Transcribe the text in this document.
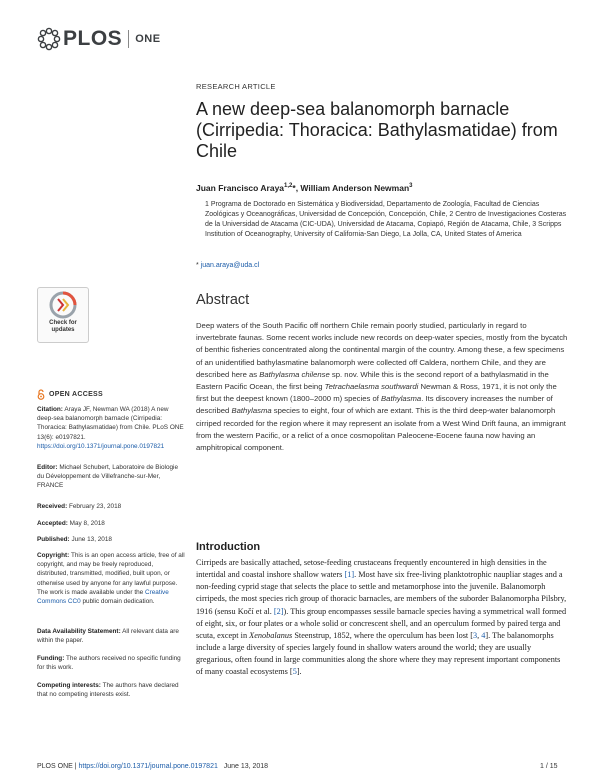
PLOS ONE
RESEARCH ARTICLE
A new deep-sea balanomorph barnacle (Cirripedia: Thoracica: Bathylasmatidae) from Chile
Juan Francisco Araya$^{1,2}$*, William Anderson Newman$^3$
1 Programa de Doctorado en Sistemática y Biodiversidad, Departamento de Zoología, Facultad de Ciencias Zoológicas y Oceanográficas, Universidad de Concepción, Concepción, Chile, 2 Centro de Investigaciones Costeras de la Universidad de Atacama (CIC-UDA), Universidad de Atacama, Copiapó, Región de Atacama, Chile, 3 Scripps Institution of Oceanography, University of California-San Diego, La Jolla, CA, United States of America
* juan.araya@uda.cl
Check for updates
OPEN ACCESS
Citation: Araya JF, Newman WA (2018) A new deep-sea balanomorph barnacle (Cirripedia: Thoracica: Bathylasmatidae) from Chile. PLoS ONE 13(6): e0197821. https://doi.org/10.1371/journal.pone.0197821
Editor: Michael Schubert, Laboratoire de Biologie du Développement de Villefranche-sur-Mer, FRANCE
Received: February 23, 2018
Accepted: May 8, 2018
Published: June 13, 2018
Copyright: This is an open access article, free of all copyright, and may be freely reproduced, distributed, transmitted, modified, built upon, or otherwise used by anyone for any lawful purpose. The work is made available under the Creative Commons CC0 public domain dedication.
Data Availability Statement: All relevant data are within the paper.
Funding: The authors received no specific funding for this work.
Competing interests: The authors have declared that no competing interests exist.
Abstract

Deep waters of the South Pacific off northern Chile remain poorly studied, particularly in regard to invertebrate faunas. Some recent works include new records on deep-water species, mostly from the bycatch of benthic fisheries concentrated along the continental margin of the country. Among these, a few specimens of an unidentified bathylasmatine balanomorph were collected off Caldera, northern Chile, and they are described here as Bathylasma chilense sp. nov. While this is the second report of a bathylasmatid in the Eastern Pacific Ocean, the first being Tetrachaelasma southwardi Newman & Ross, 1971, it is not only the first but the deepest known (1800–2000 m) species of Bathylasma. Its discovery increases the number of described Bathylasma species to eight, four of which are extant. This is the third deep-water balanomorph cirriped recorded for the region where it may represent an isolate from a West Wind Drift fauna, an immigrant from the western Pacific, or a relict of a once cosmopolitan Paleocene-Eocene fauna now having an amphitropical component.

Introduction
Cirripeds are basically attached, setose-feeding crustaceans frequently encountered in high densities in the intertidal and coastal inshore shallow waters [1]. Most have six free-living planktotrophic naupliar stages and a non-feeding cyprid stage that selects the place to settle and metamorphose into the juvenile. Balanomorph cirripeds, the most species rich group of thoracic barnacles, are members of the suborder Balanomorpha Pilsbry, 1916 (sensu Kočí et al. [2]). This group encompasses sessile barnacle species having a symmetrical wall formed of eight, six, or four plates or a whole solid or concrescent shell, and an operculum formed by paired terga and scuta, except in Xenobalanus Steenstrup, 1852, where the operculum has been lost [3, 4]. The balanomorphs include a large diversity of species largely found in shallow waters around the world; they are usually gregarious, often found in large communities along the shore where they may represent important components of many coastal ecosystems [5].
PLOS ONE | https://doi.org/10.1371/journal.pone.0197821 June 13, 2018	1 / 15
